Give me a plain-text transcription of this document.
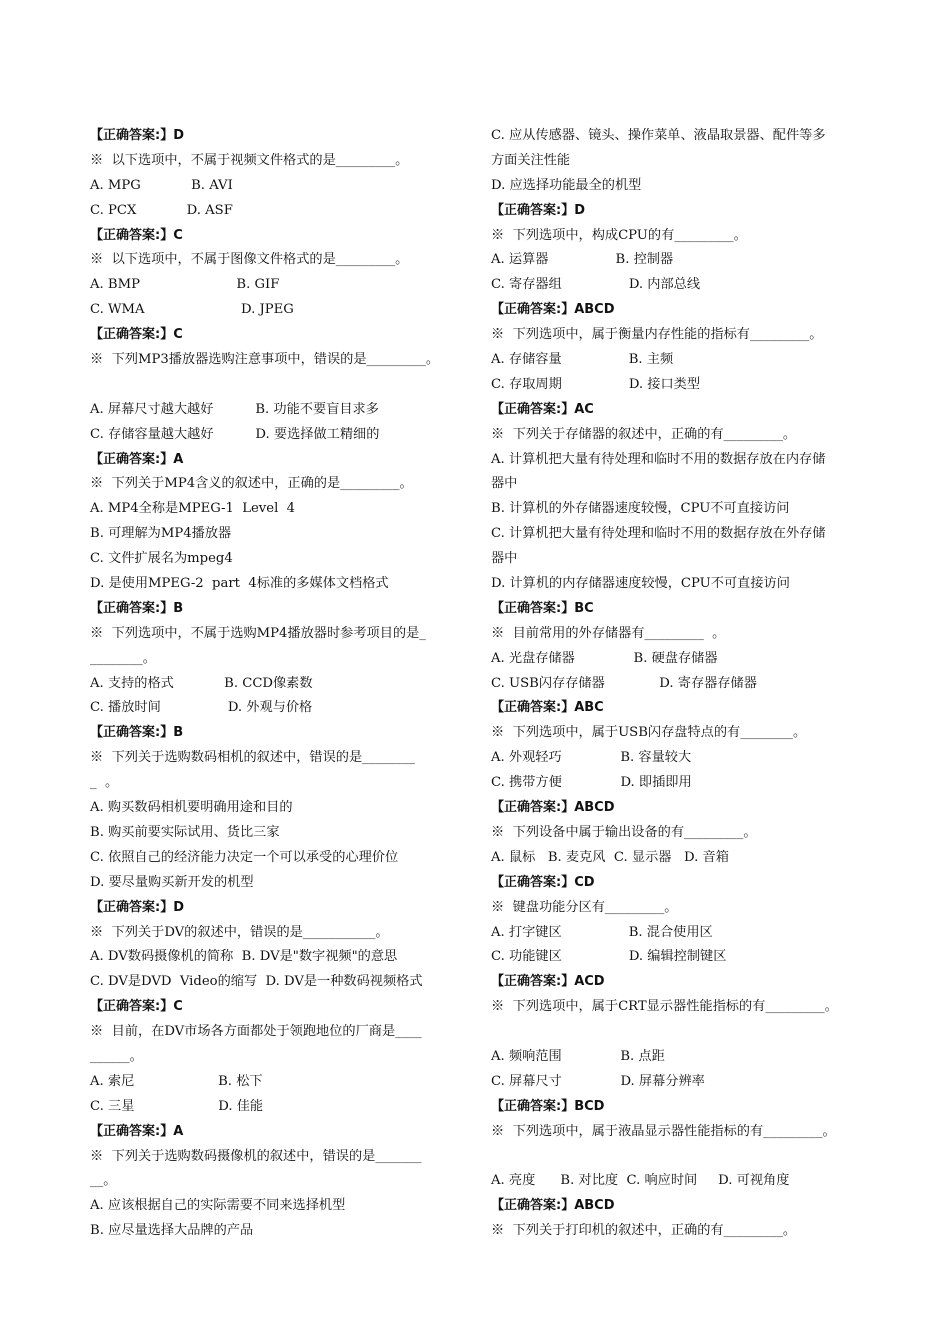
【正确答案:】D
※  以下选项中，不属于视频文件格式的是_________。
A. MPG            B. AVI
C. PCX            D. ASF
【正确答案:】C
※  以下选项中，不属于图像文件格式的是_________。
A. BMP                       B. GIF
C. WMA                       D. JPEG
【正确答案:】C
※  下列MP3播放器选购注意事项中，错误的是_________。
A. 屏幕尺寸越大越好          B. 功能不要盲目求多
C. 存储容量越大越好          D. 要选择做工精细的
【正确答案:】A
※  下列关于MP4含义的叙述中，正确的是_________。
A. MP4全称是MPEG-1  Level  4
B. 可理解为MP4播放器
C. 文件扩展名为mpeg4
D. 是使用MPEG-2  part  4标准的多媒体文档格式
【正确答案:】B
※  下列选项中，不属于选购MP4播放器时参考项目的是_
________。
A. 支持的格式            B. CCD像素数
C. 播放时间                D. 外观与价格
【正确答案:】B
※  下列关于选购数码相机的叙述中，错误的是________
_  。
A. 购买数码相机要明确用途和目的
B. 购买前要实际试用、货比三家
C. 依照自己的经济能力决定一个可以承受的心理价位
D. 要尽量购买新开发的机型
【正确答案:】D
※  下列关于DV的叙述中，错误的是___________。
A. DV数码摄像机的简称  B. DV是"数字视频"的意思
C. DV是DVD  Video的缩写  D. DV是一种数码视频格式
【正确答案:】C
※  目前，在DV市场各方面都处于领跑地位的厂商是____
______。
A. 索尼                    B. 松下
C. 三星                    D. 佳能
【正确答案:】A
※  下列关于选购数码摄像机的叙述中，错误的是_______
__。
A. 应该根据自己的实际需要不同来选择机型
B. 应尽量选择大品牌的产品
C. 应从传感器、镜头、操作菜单、液晶取景器、配件等多
方面关注性能
D. 应选择功能最全的机型
【正确答案:】D
※  下列选项中，构成CPU的有_________。
A. 运算器                B. 控制器
C. 寄存器组                D. 内部总线
【正确答案:】ABCD
※  下列选项中，属于衡量内存性能的指标有_________。
A. 存储容量                B. 主频
C. 存取周期                D. 接口类型
【正确答案:】AC
※  下列关于存储器的叙述中，正确的有_________。
A. 计算机把大量有待处理和临时不用的数据存放在内存储
器中
B. 计算机的外存储器速度较慢，CPU不可直接访问
C. 计算机把大量有待处理和临时不用的数据存放在外存储
器中
D. 计算机的内存储器速度较慢，CPU不可直接访问
【正确答案:】BC
※  目前常用的外存储器有_________  。
A. 光盘存储器              B. 硬盘存储器
C. USB闪存存储器             D. 寄存器存储器
【正确答案:】ABC
※  下列选项中，属于USB闪存盘特点的有________。
A. 外观轻巧              B. 容量较大
C. 携带方便              D. 即插即用
【正确答案:】ABCD
※  下列设备中属于输出设备的有_________。
A. 鼠标   B. 麦克风  C. 显示器   D. 音箱
【正确答案:】CD
※  键盘功能分区有_________。
A. 打字键区                B. 混合使用区
C. 功能键区                D. 编辑控制键区
【正确答案:】ACD
※  下列选项中，属于CRT显示器性能指标的有_________。
A. 频响范围              B. 点距
C. 屏幕尺寸              D. 屏幕分辨率
【正确答案:】BCD
※  下列选项中，属于液晶显示器性能指标的有_________。
A. 亮度      B. 对比度  C. 响应时间     D. 可视角度
【正确答案:】ABCD
※  下列关于打印机的叙述中，正确的有_________。
